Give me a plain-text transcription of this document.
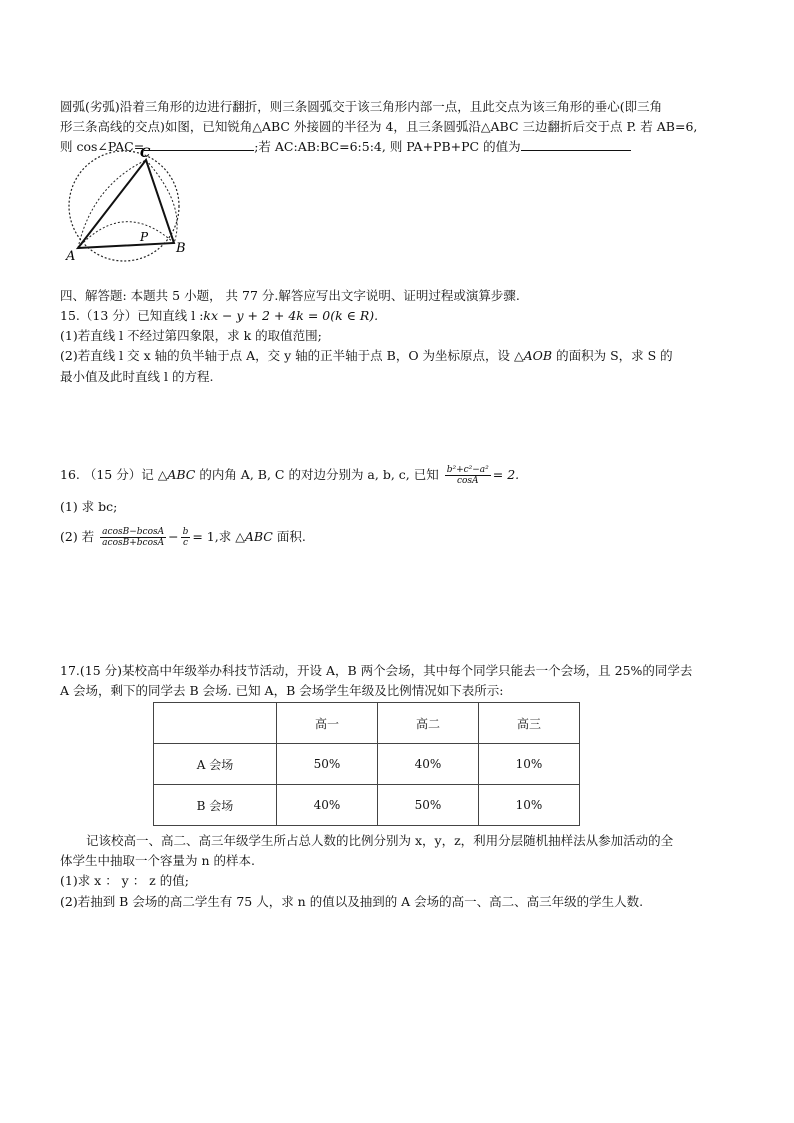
圆弧(劣弧)沿着三角形的边进行翻折，则三条圆弧交于该三角形内部一点，且此交点为该三角形的垂心(即三角
形三条高线的交点)如图，已知锐角△ABC 外接圆的半径为 4，且三条圆弧沿△ABC 三边翻折后交于点 P. 若 AB=6,
则 cos∠PAC=	;若 AC:AB:BC=6:5:4, 则 PA+PB+PC 的值为
C
A
B
P
四、解答题: 本题共 5 小题， 共 77 分.解答应写出文字说明、证明过程或演算步骤.
15.（13 分）已知直线 l :kx − y + 2 + 4k = 0(k ∈ R).
(1)若直线 l 不经过第四象限，求 k 的取值范围;
(2)若直线 l 交 x 轴的负半轴于点 A，交 y 轴的正半轴于点 B，O 为坐标原点，设 △AOB 的面积为 S，求 S 的
最小值及此时直线 l 的方程.
16. （15 分）记 △ABC 的内角 A, B, C 的对边分别为 a, b, c, 已知 $\frac{\text{b²+c²−a²}}{\cos A} = 2$.
(1) 求 bc;
(2) 若 $\frac{acosB-bcosA}{acosB+bcosA} - \frac{b}{c} = 1$,求 △ABC 面积.
17.(15 分)某校高中年级举办科技节活动，开设 A，B 两个会场，其中每个同学只能去一个会场，且 25%的同学去
A 会场，剩下的同学去 B 会场. 已知 A，B 会场学生年级及比例情况如下表所示:
	高一	高二	高三
A 会场	50%	40%	10%
B 会场	40%	50%	10%
记该校高一、高二、高三年级学生所占总人数的比例分别为 x，y，z，利用分层随机抽样法从参加活动的全
体学生中抽取一个容量为 n 的样本.
(1)求 x ： y ： z 的值;
(2)若抽到 B 会场的高二学生有 75 人，求 n 的值以及抽到的 A 会场的高一、高二、高三年级的学生人数.
